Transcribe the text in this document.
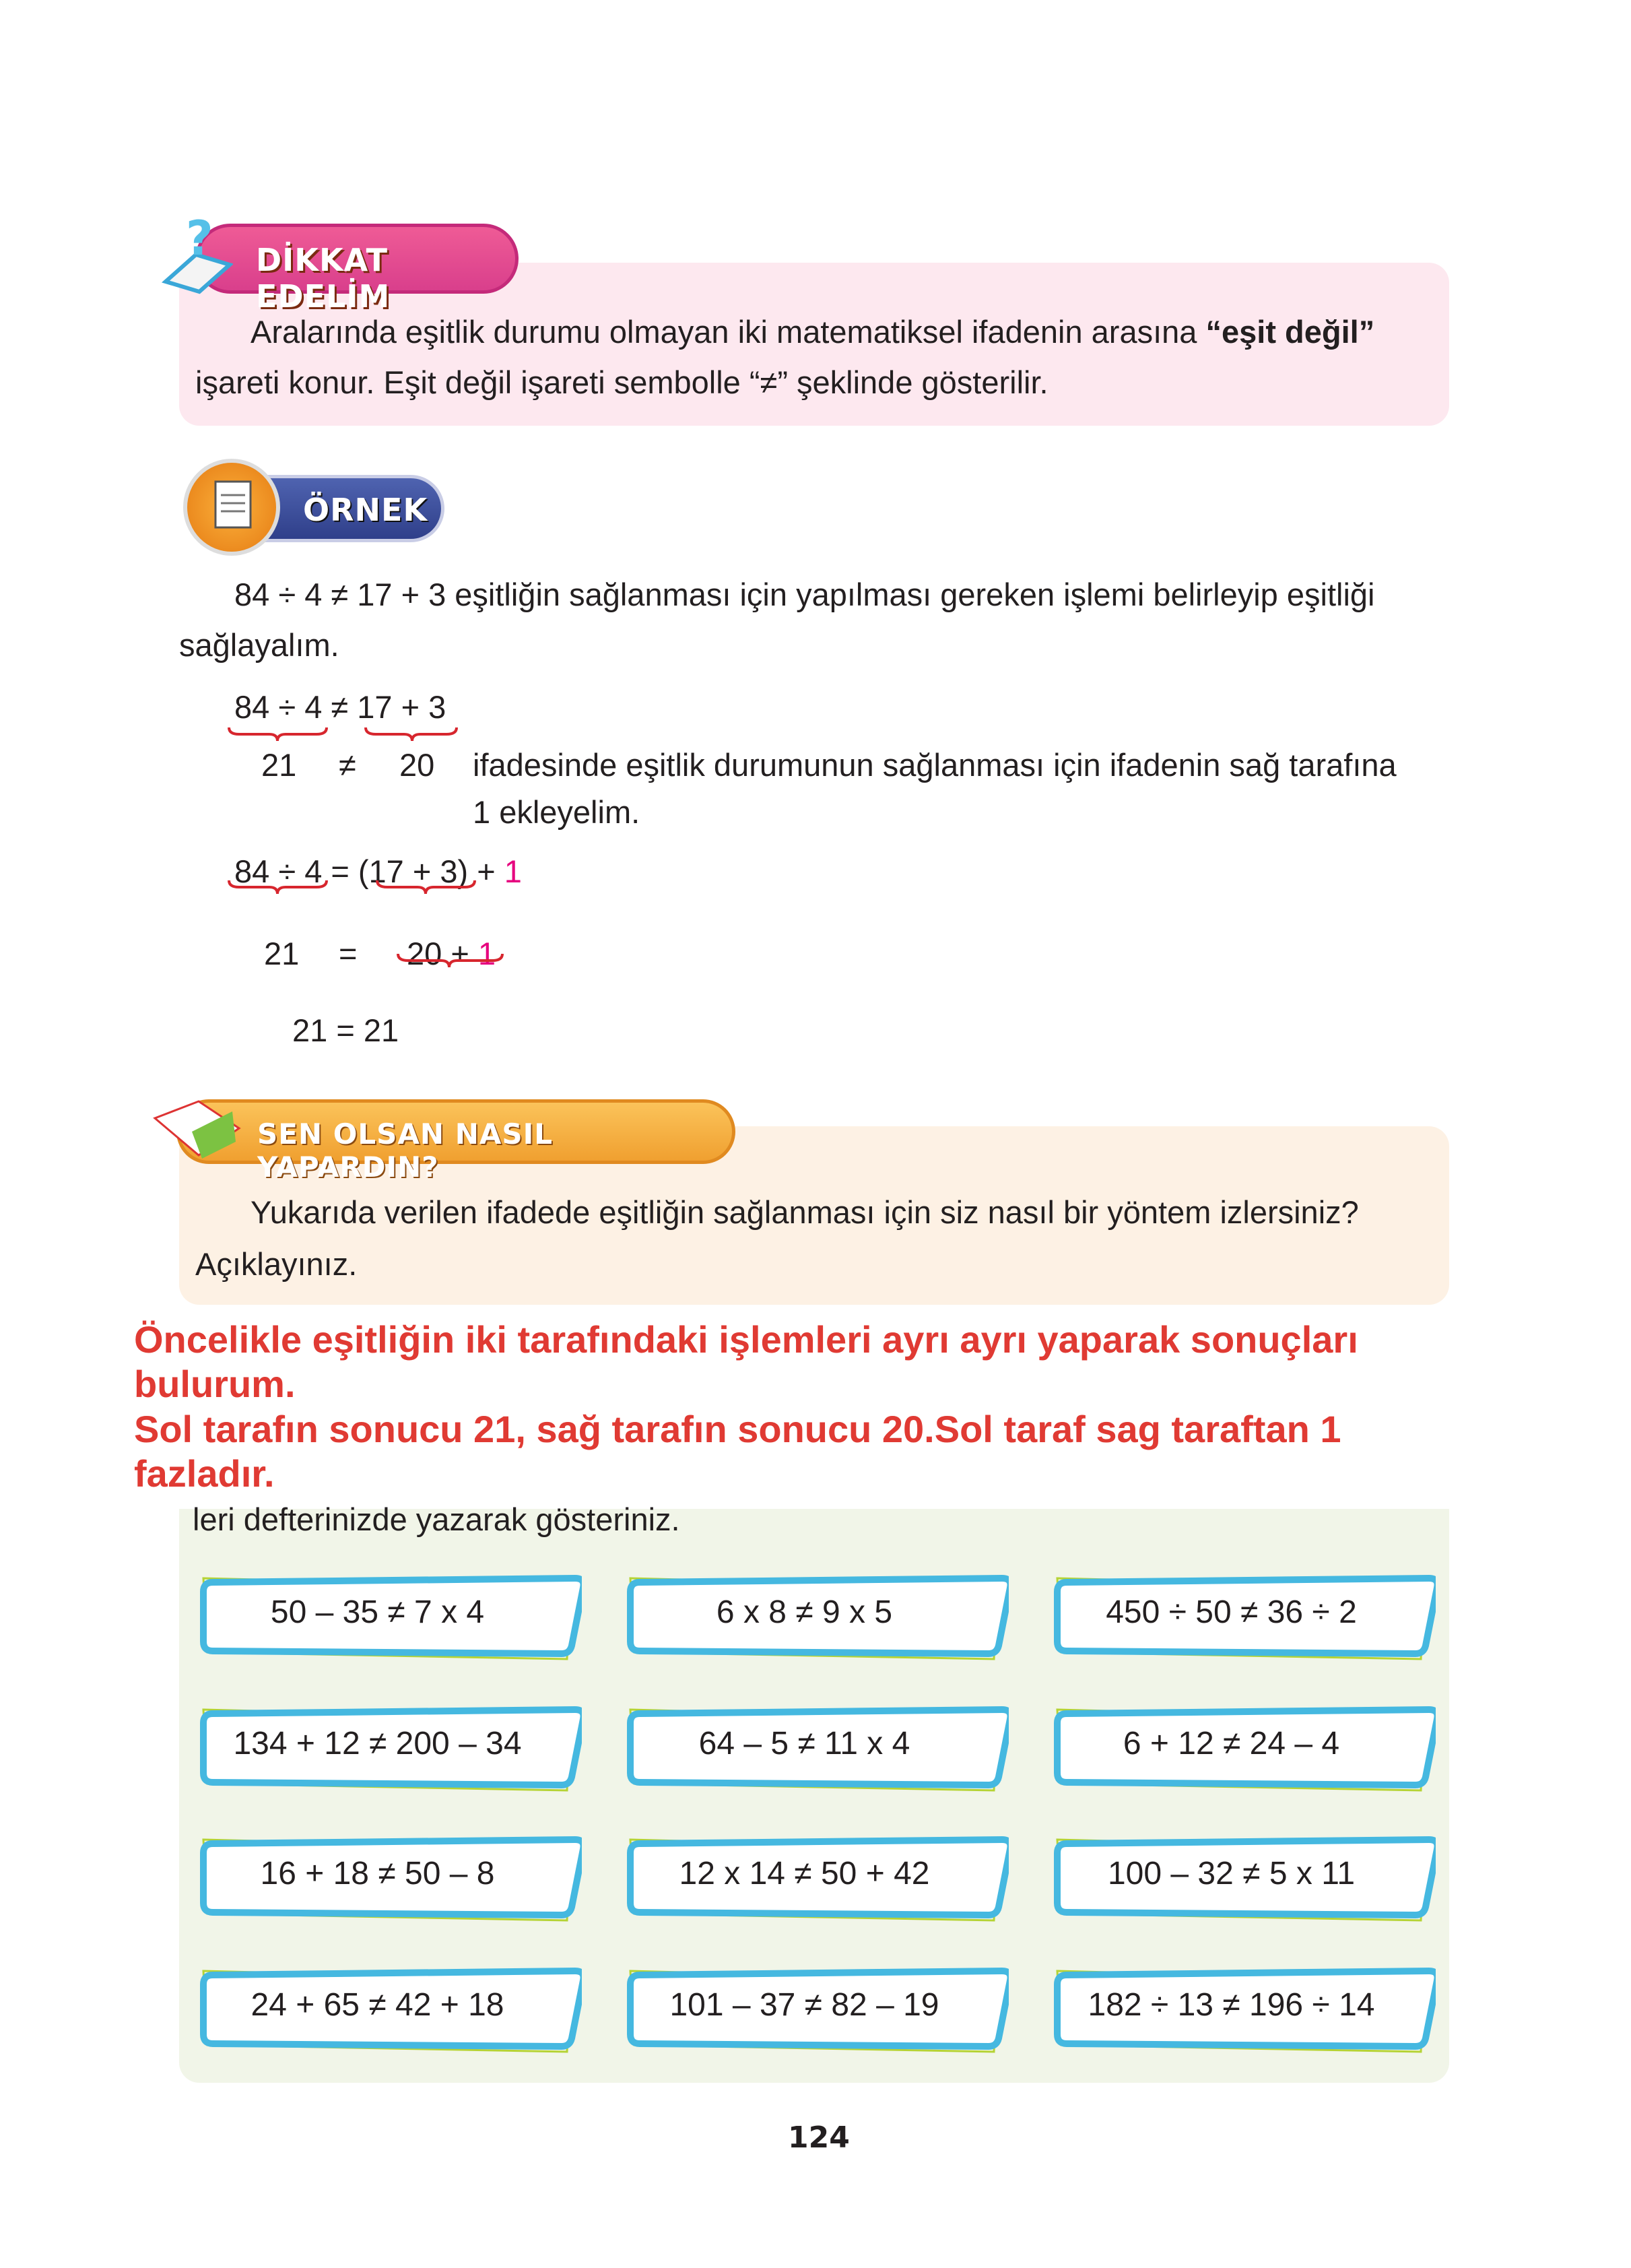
DİKKAT EDELİM
?
Aralarında eşitlik durumu olmayan iki matematiksel ifadenin arasına “eşit değil”
işareti konur. Eşit değil işareti sembolle “≠” şeklinde gösterilir.
ÖRNEK
84 ÷ 4 ≠ 17 + 3 eşitliğin sağlanması için yapılması gereken işlemi belirleyip eşitliği
sağlayalım.
84 ÷ 4 ≠ 17 + 3
21 ≠ 20 ifadesinde eşitlik durumunun sağlanması için ifadenin sağ tarafına
1 ekleyelim.
84 ÷ 4 = (17 + 3) + 1
21 = 20 + 1
21 = 21
SEN OLSAN NASIL YAPARDIN?
Yukarıda verilen ifadede eşitliğin sağlanması için siz nasıl bir yöntem izlersiniz?
Açıklayınız.
Öncelikle eşitliğin iki tarafındaki işlemleri ayrı ayrı yaparak sonuçları
bulurum.
Sol tarafın sonucu 21, sağ tarafın sonucu 20.Sol taraf sag taraftan 1
fazladır.
leri defterinizde yazarak gösteriniz.
50 – 35 ≠ 7 x 4	6 x 8 ≠ 9 x 5	450 ÷ 50 ≠ 36 ÷ 2
134 + 12 ≠ 200 – 34	64 – 5 ≠ 11 x 4	6 + 12 ≠ 24 – 4
16 + 18 ≠ 50 – 8	12 x 14 ≠ 50 + 42	100 – 32 ≠ 5 x 11
24 + 65 ≠ 42 + 18	101 – 37 ≠ 82 – 19	182 ÷ 13 ≠ 196 ÷ 14
124
